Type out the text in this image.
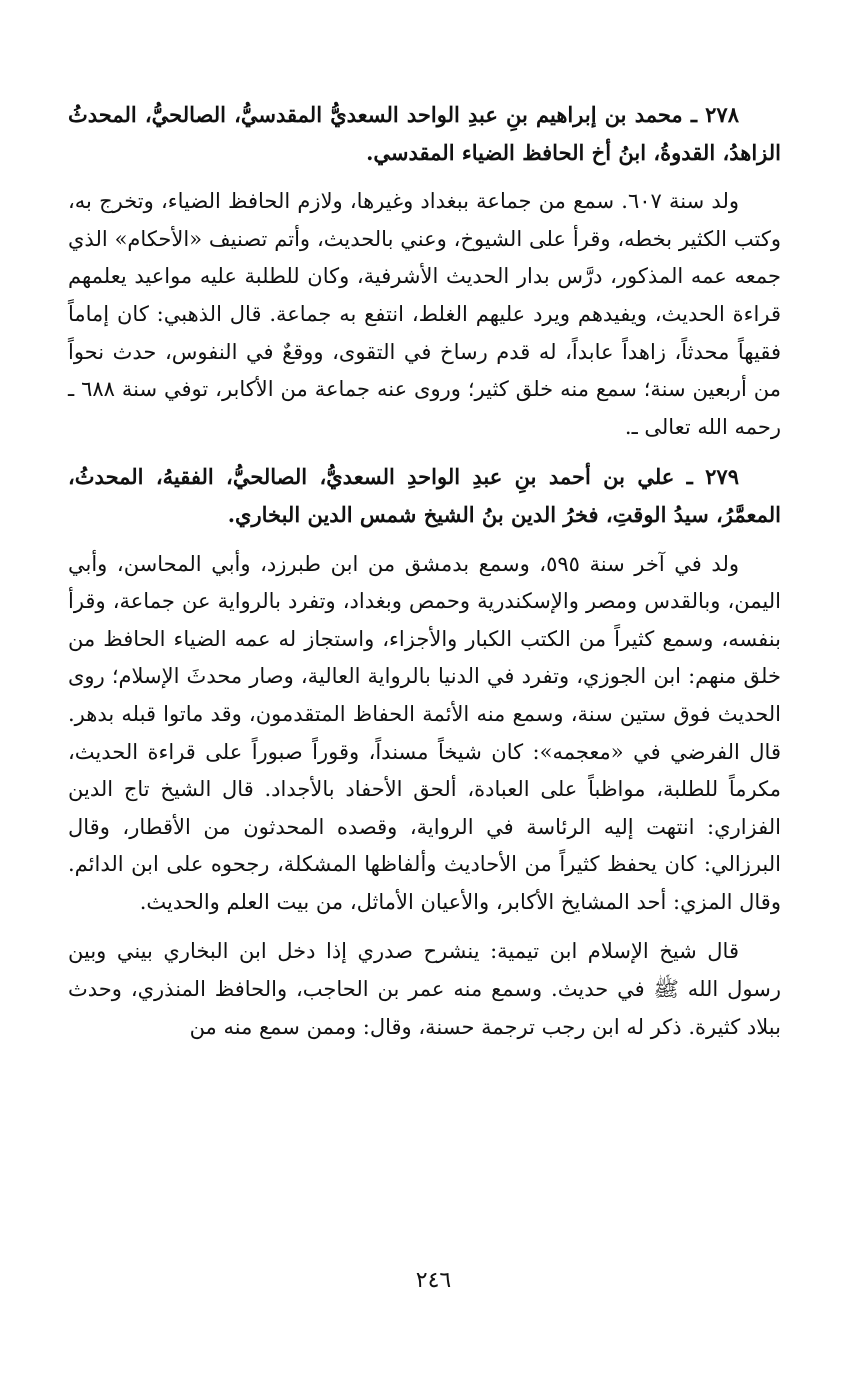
٢٧٨ ـ محمد بن إبراهيم بنِ عبدِ الواحد السعديُّ المقدسيُّ، الصالحيُّ، المحدثُ الزاهدُ، القدوةُ، ابنُ أخ الحافظ الضياء المقدسي.

ولد سنة ٦٠٧. سمع من جماعة ببغداد وغيرها، ولازم الحافظ الضياء، وتخرج به، وكتب الكثير بخطه، وقرأ على الشيوخ، وعني بالحديث، وأتم تصنيف «الأحكام» الذي جمعه عمه المذكور، درَّس بدار الحديث الأشرفية، وكان للطلبة عليه مواعيد يعلمهم قراءة الحديث، ويفيدهم ويرد عليهم الغلط، انتفع به جماعة. قال الذهبي: كان إماماً فقيهاً محدثاً، زاهداً عابداً، له قدم رساخ في التقوى، ووقعٌ في النفوس، حدث نحواً من أربعين سنة؛ سمع منه خلق كثير؛ وروى عنه جماعة من الأكابر، توفي سنة ٦٨٨ ـ رحمه الله تعالى ـ.

٢٧٩ ـ علي بن أحمد بنِ عبدِ الواحدِ السعديُّ، الصالحيُّ، الفقيهُ، المحدثُ، المعمَّرُ، سيدُ الوقتِ، فخرُ الدين بنُ الشيخ شمس الدين البخاري.

ولد في آخر سنة ٥٩٥، وسمع بدمشق من ابن طبرزد، وأبي المحاسن، وأبي اليمن، وبالقدس ومصر والإسكندرية وحمص وبغداد، وتفرد بالرواية عن جماعة، وقرأ بنفسه، وسمع كثيراً من الكتب الكبار والأجزاء، واستجاز له عمه الضياء الحافظ من خلق منهم: ابن الجوزي، وتفرد في الدنيا بالرواية العالية، وصار محدثَ الإسلام؛ روى الحديث فوق ستين سنة، وسمع منه الأئمة الحفاظ المتقدمون، وقد ماتوا قبله بدهر. قال الفرضي في «معجمه»: كان شيخاً مسنداً، وقوراً صبوراً على قراءة الحديث، مكرماً للطلبة، مواظباً على العبادة، ألحق الأحفاد بالأجداد. قال الشيخ تاج الدين الفزاري: انتهت إليه الرئاسة في الرواية، وقصده المحدثون من الأقطار، وقال البرزالي: كان يحفظ كثيراً من الأحاديث وألفاظها المشكلة، رجحوه على ابن الدائم. وقال المزي: أحد المشايخ الأكابر، والأعيان الأماثل، من بيت العلم والحديث.

قال شيخ الإسلام ابن تيمية: ينشرح صدري إذا دخل ابن البخاري بيني وبين رسول الله ﷺ في حديث. وسمع منه عمر بن الحاجب، والحافظ المنذري، وحدث ببلاد كثيرة. ذكر له ابن رجب ترجمة حسنة، وقال: وممن سمع منه من

٢٤٦
